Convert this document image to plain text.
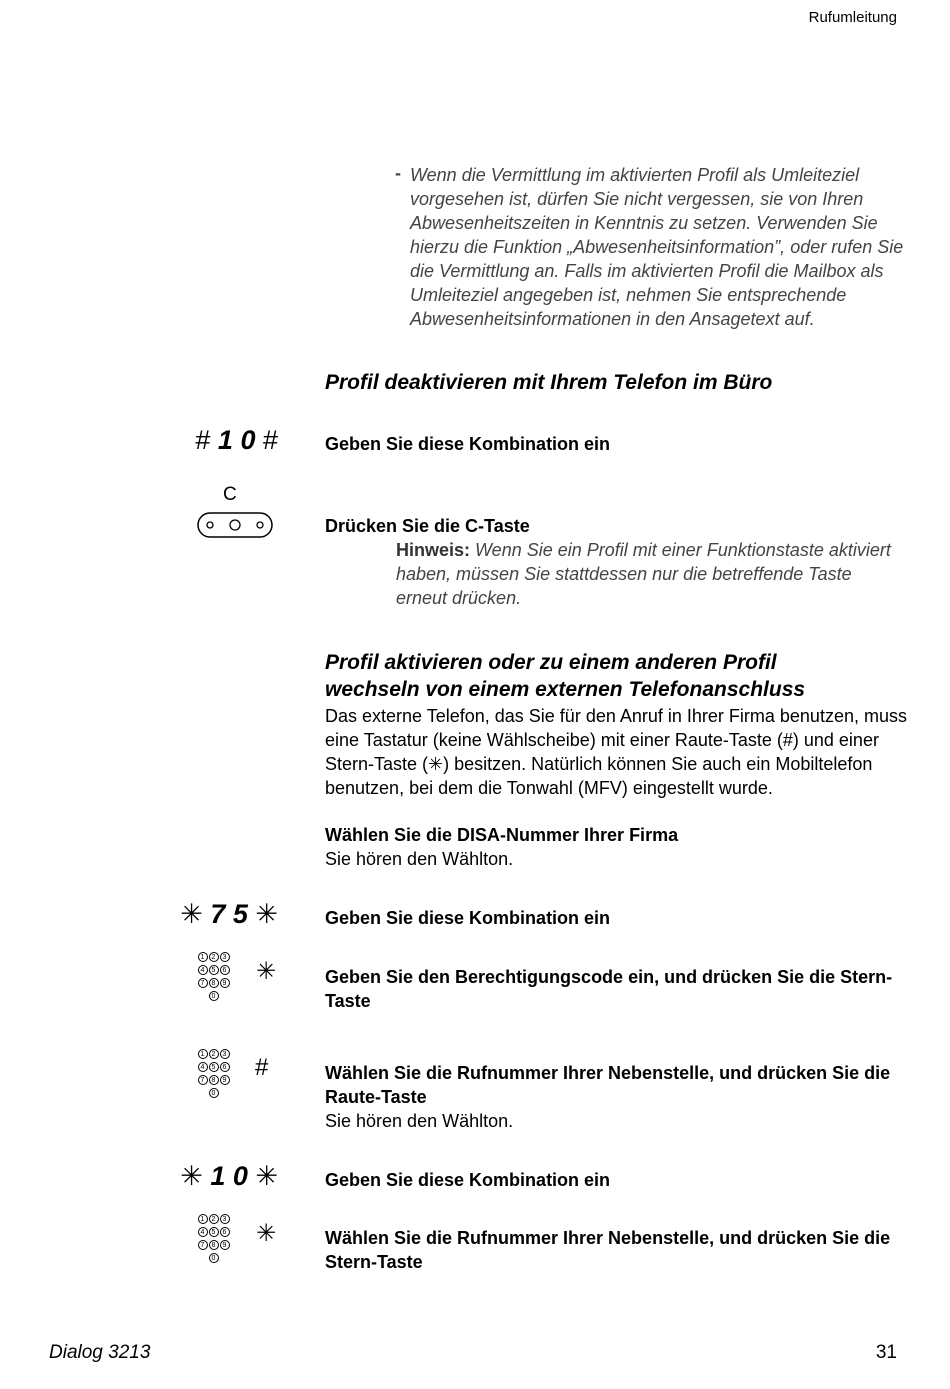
Rufumleitung
- Wenn die Vermittlung im aktivierten Profil als Umleiteziel vorgesehen ist, dürfen Sie nicht vergessen, sie von Ihren Abwesenheitszeiten in Kenntnis zu setzen. Verwenden Sie hierzu die Funktion „Abwesenheitsinformation”, oder rufen Sie die Vermittlung an. Falls im aktivierten Profil die Mailbox als Umleiteziel angegeben ist, nehmen Sie entsprechende Abwesenheitsinformationen in den Ansagetext auf.
Profil deaktivieren mit Ihrem Telefon im Büro
# 1 0 #	Geben Sie diese Kombination ein
C
Drücken Sie die C-Taste
Hinweis: Wenn Sie ein Profil mit einer Funktionstaste aktiviert haben, müssen Sie stattdessen nur die betreffende Taste erneut drücken.
Profil aktivieren oder zu einem anderen Profil
wechseln von einem externen Telefonanschluss
Das externe Telefon, das Sie für den Anruf in Ihrer Firma benutzen, muss eine Tastatur (keine Wählscheibe) mit einer Raute-Taste (#) und einer Stern-Taste (✳) besitzen. Natürlich können Sie auch ein Mobiltelefon benutzen, bei dem die Tonwahl (MFV) eingestellt wurde.
Wählen Sie die DISA-Nummer Ihrer Firma
Sie hören den Wählton.
✳ 7 5 ✳	Geben Sie diese Kombination ein
1	2	3
4	5	6
7	8	9
0
✳	Geben Sie den Berechtigungscode ein, und drücken Sie die Stern-Taste
1	2	3
4	5	6
7	8	9
0
#	Wählen Sie die Rufnummer Ihrer Nebenstelle, und drücken Sie die Raute-Taste
Sie hören den Wählton.
✳ 1 0 ✳	Geben Sie diese Kombination ein
1	2	3
4	5	6
7	8	9
0
✳	Wählen Sie die Rufnummer Ihrer Nebenstelle, und drücken Sie die Stern-Taste
Dialog 3213	31
